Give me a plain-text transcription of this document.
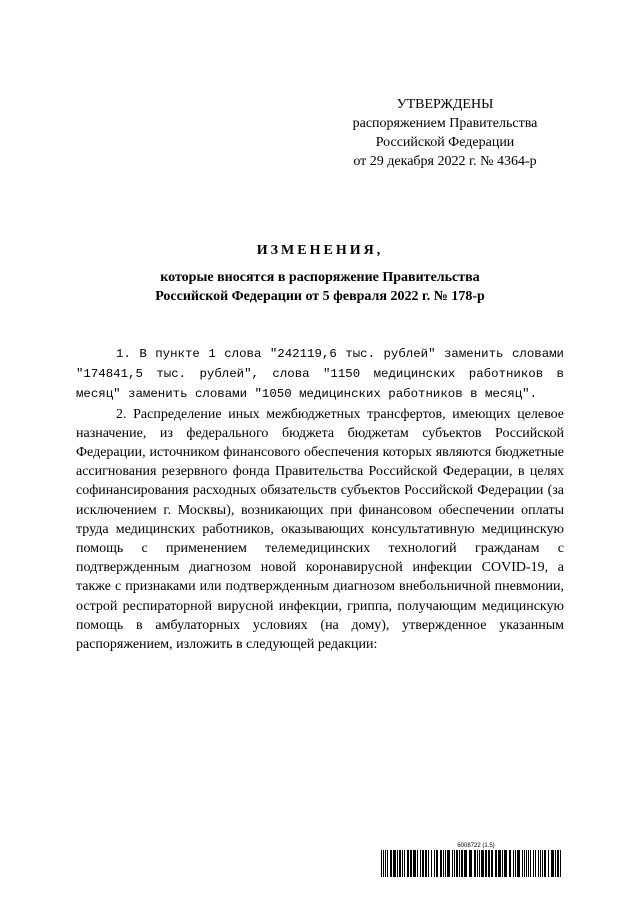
УТВЕРЖДЕНЫ
распоряжением Правительства
Российской Федерации
от 29 декабря 2022 г. № 4364-р
ИЗМЕНЕНИЯ,
которые вносятся в распоряжение Правительства
Российской Федерации от 5 февраля 2022 г. № 178-р

1. В пункте 1 слова "242119,6 тыс. рублей" заменить словами "174841,5 тыс. рублей", слова "1150 медицинских работников в месяц" заменить словами "1050 медицинских работников в месяц".

2. Распределение иных межбюджетных трансфертов, имеющих целевое назначение, из федерального бюджета бюджетам субъектов Российской Федерации, источником финансового обеспечения которых являются бюджетные ассигнования резервного фонда Правительства Российской Федерации, в целях софинансирования расходных обязательств субъектов Российской Федерации (за исключением г. Москвы), возникающих при финансовом обеспечении оплаты труда медицинских работников, оказывающих консультативную медицинскую помощь с применением телемедицинских технологий гражданам с подтвержденным диагнозом новой коронавирусной инфекции COVID-19, а также с признаками или подтвержденным диагнозом внебольничной пневмонии, острой респираторной вирусной инфекции, гриппа, получающим медицинскую помощь в амбулаторных условиях (на дому), утвержденное указанным распоряжением, изложить в следующей редакции:

6008722 (1.5)
